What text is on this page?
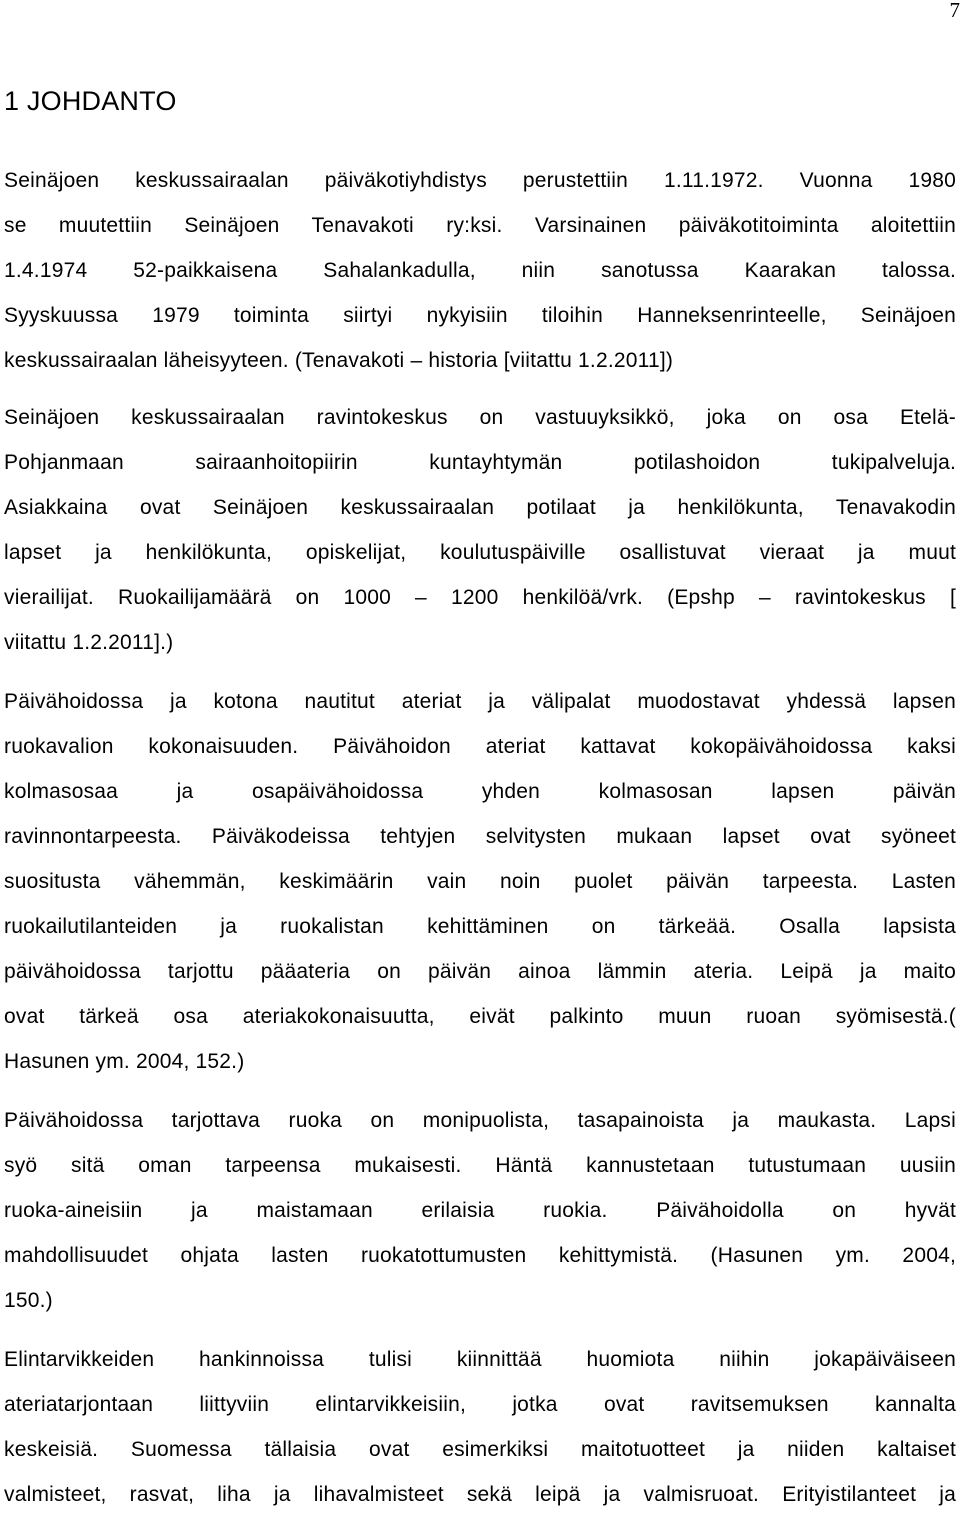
7
1 JOHDANTO
Seinäjoen keskussairaalan päiväkotiyhdistys perustettiin 1.11.1972. Vuonna 1980
se muutettiin Seinäjoen Tenavakoti ry:ksi. Varsinainen päiväkotitoiminta aloitettiin
1.4.1974 52-paikkaisena Sahalankadulla, niin sanotussa Kaarakan talossa.
Syyskuussa 1979 toiminta siirtyi nykyisiin tiloihin Hanneksenrinteelle, Seinäjoen
keskussairaalan läheisyyteen. (Tenavakoti – historia [viitattu 1.2.2011])
Seinäjoen keskussairaalan ravintokeskus on vastuuyksikkö, joka on osa Etelä-
Pohjanmaan sairaanhoitopiirin kuntayhtymän potilashoidon tukipalveluja.
Asiakkaina ovat Seinäjoen keskussairaalan potilaat ja henkilökunta, Tenavakodin
lapset ja henkilökunta, opiskelijat, koulutuspäiville osallistuvat vieraat ja muut
vierailijat. Ruokailijamäärä on 1000 – 1200 henkilöä/vrk. (Epshp – ravintokeskus [
viitattu 1.2.2011].)
Päivähoidossa ja kotona nautitut ateriat ja välipalat muodostavat yhdessä lapsen
ruokavalion kokonaisuuden. Päivähoidon ateriat kattavat kokopäivähoidossa kaksi
kolmasosaa ja osapäivähoidossa yhden kolmasosan lapsen päivän
ravinnontarpeesta. Päiväkodeissa tehtyjen selvitysten mukaan lapset ovat syöneet
suositusta vähemmän, keskimäärin vain noin puolet päivän tarpeesta. Lasten
ruokailutilanteiden ja ruokalistan kehittäminen on tärkeää. Osalla lapsista
päivähoidossa tarjottu pääateria on päivän ainoa lämmin ateria. Leipä ja maito
ovat tärkeä osa ateriakokonaisuutta, eivät palkinto muun ruoan syömisestä.(
Hasunen ym. 2004, 152.)
Päivähoidossa tarjottava ruoka on monipuolista, tasapainoista ja maukasta. Lapsi
syö sitä oman tarpeensa mukaisesti. Häntä kannustetaan tutustumaan uusiin
ruoka-aineisiin ja maistamaan erilaisia ruokia. Päivähoidolla on hyvät
mahdollisuudet ohjata lasten ruokatottumusten kehittymistä. (Hasunen ym. 2004,
150.)
Elintarvikkeiden hankinnoissa tulisi kiinnittää huomiota niihin jokapäiväiseen
ateriatarjontaan liittyviin elintarvikkeisiin, jotka ovat ravitsemuksen kannalta
keskeisiä. Suomessa tällaisia ovat esimerkiksi maitotuotteet ja niiden kaltaiset
valmisteet, rasvat, liha ja lihavalmisteet sekä leipä ja valmisruoat. Erityistilanteet ja
